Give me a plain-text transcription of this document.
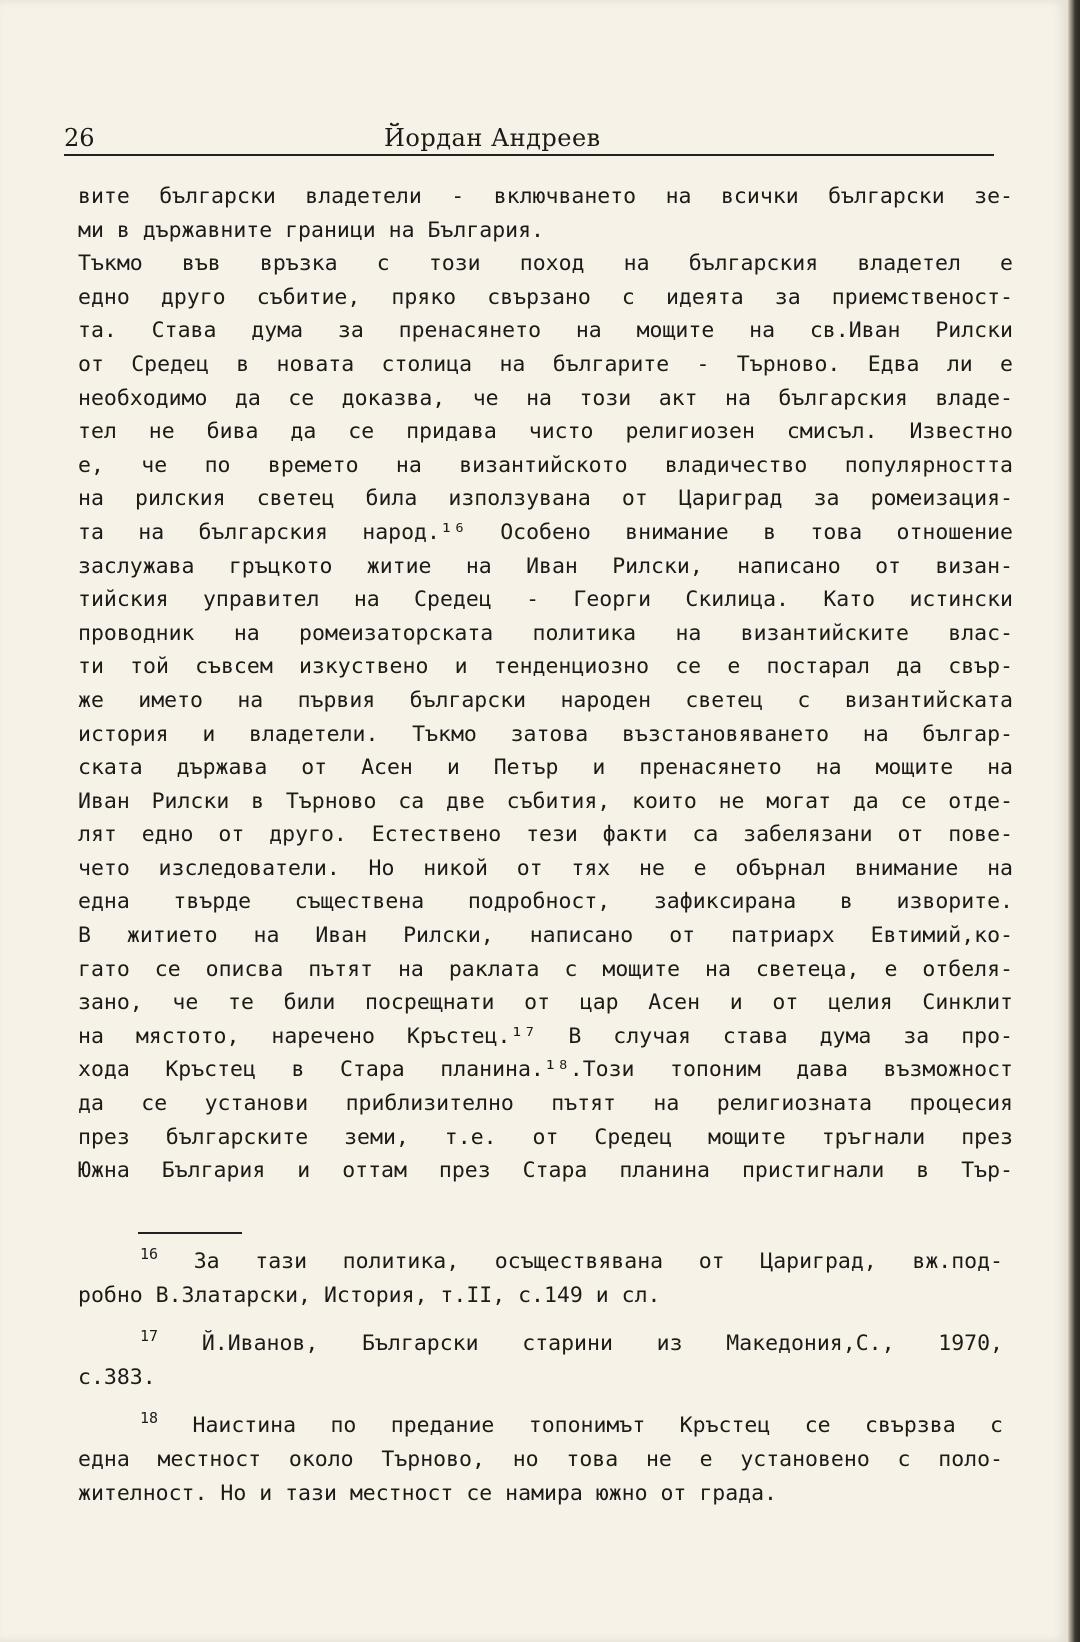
26	Йордан Андреев
вите български владетели - включването на всички български зе-
ми в държавните граници на България.
Тъкмо във връзка с този поход на българския владетел е
едно друго събитие, пряко свързано с идеята за приемственост-
та. Става дума за пренасянето на мощите на св.Иван Рилски
от Средец в новата столица на българите - Търново. Едва ли е
необходимо да се доказва, че на този акт на българския владе-
тел не бива да се придава чисто религиозен смисъл. Известно
е, че по времето на византийското владичество популярността
на рилския светец била използувана от Цариград за ромеизация-
та на българския народ.¹⁶ Особено внимание в това отношение
заслужава гръцкото житие на Иван Рилски, написано от визан-
тийския управител на Средец - Георги Скилица. Като истински
проводник на ромеизаторската политика на византийските влас-
ти той съвсем изкуствено и тенденциозно се е постарал да свър-
же името на първия български народен светец с византийската
история и владетели. Тъкмо затова възстановяването на българ-
ската държава от Асен и Петър и пренасянето на мощите на
Иван Рилски в Търново са две събития, които не могат да се отде-
лят едно от друго. Естествено тези факти са забелязани от пове-
чето изследователи. Но никой от тях не е обърнал внимание на
една твърде съществена подробност, зафиксирана в изворите.
В житието на Иван Рилски, написано от патриарх Евтимий,ко-
гато се описва пътят на раклата с мощите на светеца, е отбеля-
зано, че те били посрещнати от цар Асен и от целия Синклит
на мястото, наречено Кръстец.¹⁷ В случая става дума за про-
хода Кръстец в Стара планина.¹⁸.Този топоним дава възможност
да се установи приблизително пътят на религиозната процесия
през българските земи, т.е. от Средец мощите тръгнали през
Южна България и оттам през Стара планина пристигнали в Тър-
$^{16}$ За тази политика, осъществявана от Цариград, вж.под-
робно В.Златарски, История, т.II, с.149 и сл.
$^{17}$ Й.Иванов, Български старини из Македония,С., 1970,
с.383.
$^{18}$ Наистина по предание топонимът Кръстец се свързва с
една местност около Търново, но това не е установено с поло-
жителност. Но и тази местност се намира южно от града.
